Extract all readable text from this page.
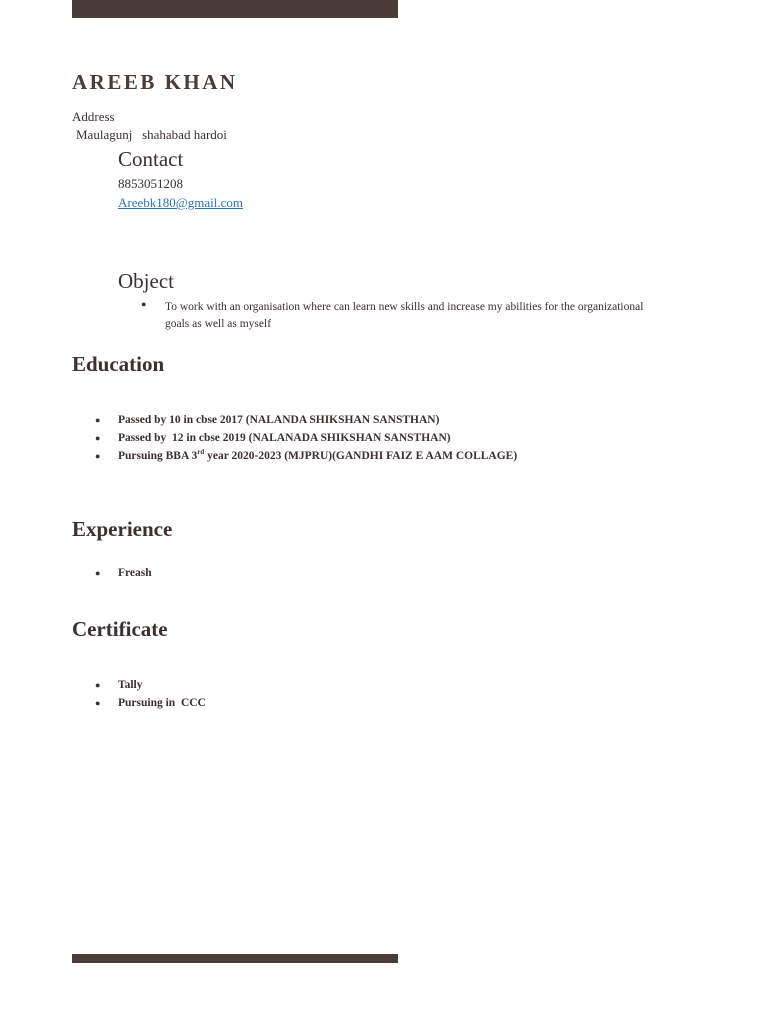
AREEB KHAN
Address
Maulagunj   shahabad hardoi
Contact
8853051208
Areebk180@gmail.com
Object
● To work with an organisation where can learn new skills and increase my abilities for the organizational goals as well as myself
Education
● Passed by 10 in cbse 2017 (NALANDA SHIKSHAN SANSTHAN)
● Passed by  12 in cbse 2019 (NALANADA SHIKSHAN SANSTHAN)
● Pursuing BBA 3rd year 2020-2023 (MJPRU)(GANDHI FAIZ E AAM COLLAGE)
Experience
● Freash
Certificate
● Tally
● Pursuing in  CCC
